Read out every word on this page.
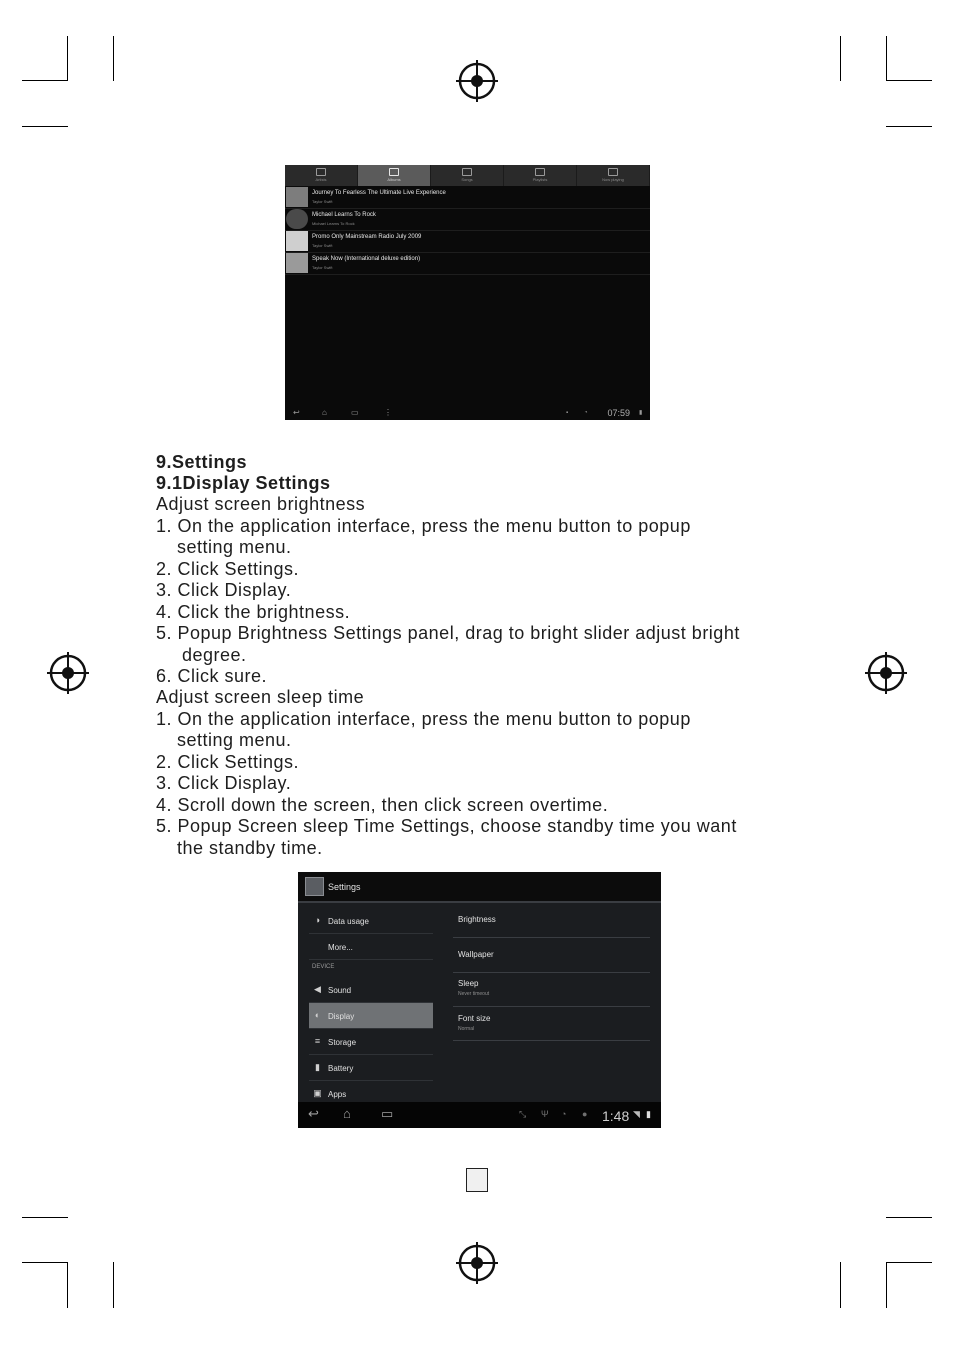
Artists	Albums	Songs	Playlists	Now playing
Journey To Fearless The Ultimate Live Experience
Taylor Swift
Michael Learns To Rock
Michael Learns To Rock
Promo Only Mainstream Radio July 2009
Taylor Swift
Speak Now (International deluxe edition)
Taylor Swift
↩	⌂	▭	⋮	▪	◔ 07:59 ▮
9.Settings
9.1Display Settings
Adjust screen brightness
1. On the application interface, press the menu button to popup
setting menu.
2. Click Settings.
3. Click Display.
4. Click the brightness.
5. Popup Brightness Settings panel, drag to bright slider adjust bright
degree.
6. Click sure.
Adjust screen sleep time
1. On the application interface, press the menu button to popup
setting menu.
2. Click Settings.
3. Click Display.
4. Scroll down the screen, then click screen overtime.
5. Popup Screen sleep Time Settings, choose standby time you want
the standby time.
Settings
◑ Data usage
More...
DEVICE
◀ Sound
◐ Display
≡ Storage
▮ Battery
▣ Apps
Brightness
Wallpaper
Sleep
Never timeout
Font size
Normal
↩ ⌂ ▭	⤡ Ψ ◔ ● 1:48 ◥ ▮
